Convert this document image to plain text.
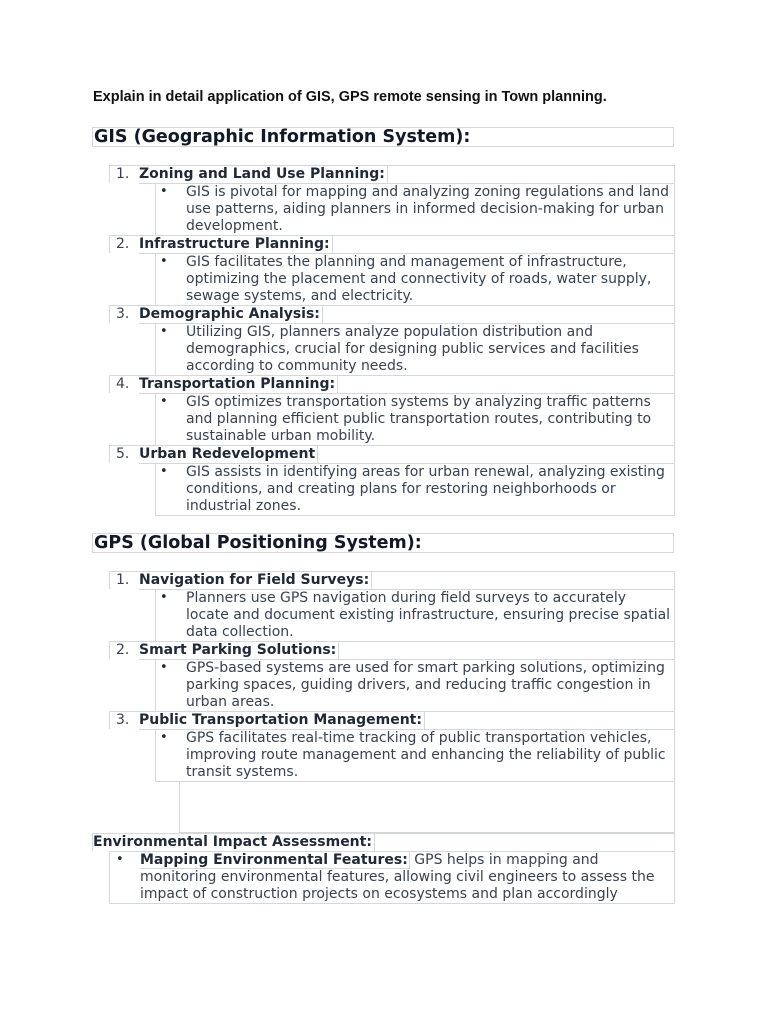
Explain in detail application of GIS, GPS remote sensing in Town planning.
GIS (Geographic Information System):
1. Zoning and Land Use Planning:
• GIS is pivotal for mapping and analyzing zoning regulations and land use patterns, aiding planners in informed decision-making for urban development.
2. Infrastructure Planning:
• GIS facilitates the planning and management of infrastructure, optimizing the placement and connectivity of roads, water supply, sewage systems, and electricity.
3. Demographic Analysis:
• Utilizing GIS, planners analyze population distribution and demographics, crucial for designing public services and facilities according to community needs.
4. Transportation Planning:
• GIS optimizes transportation systems by analyzing traffic patterns and planning efficient public transportation routes, contributing to sustainable urban mobility.
5. Urban Redevelopment
• GIS assists in identifying areas for urban renewal, analyzing existing conditions, and creating plans for restoring neighborhoods or industrial zones.
GPS (Global Positioning System):
1. Navigation for Field Surveys:
• Planners use GPS navigation during field surveys to accurately locate and document existing infrastructure, ensuring precise spatial data collection.
2. Smart Parking Solutions:
• GPS-based systems are used for smart parking solutions, optimizing parking spaces, guiding drivers, and reducing traffic congestion in urban areas.
3. Public Transportation Management:
• GPS facilitates real-time tracking of public transportation vehicles, improving route management and enhancing the reliability of public transit systems.
Environmental Impact Assessment:
• Mapping Environmental Features: GPS helps in mapping and monitoring environmental features, allowing civil engineers to assess the impact of construction projects on ecosystems and plan accordingly
